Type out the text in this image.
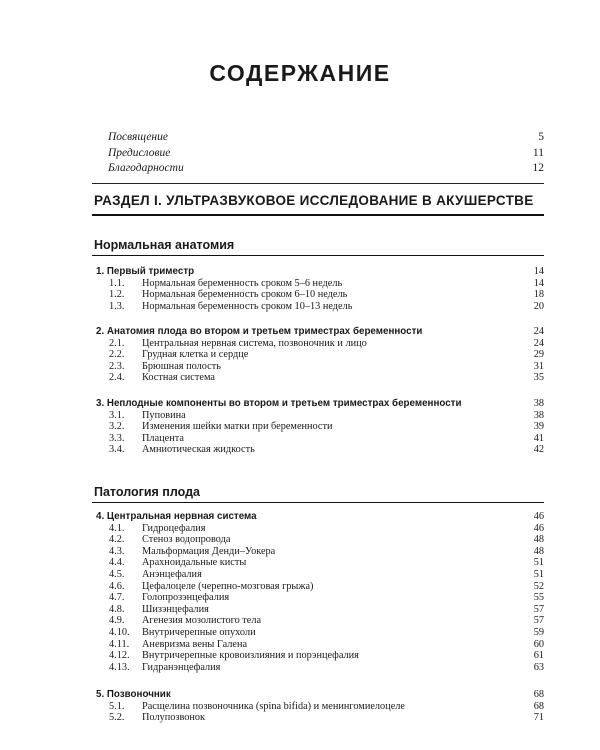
СОДЕРЖАНИЕ
Посвящение	5
Предисловие	11
Благодарности	12
РАЗДЕЛ I. УЛЬТРАЗВУКОВОЕ ИССЛЕДОВАНИЕ В АКУШЕРСТВЕ
Нормальная анатомия
1. Первый триместр	14
1.1. Нормальная беременность сроком 5–6 недель	14
1.2. Нормальная беременность сроком 6–10 недель	18
1.3. Нормальная беременность сроком 10–13 недель	20
2. Анатомия плода во втором и третьем триместрах беременности	24
2.1. Центральная нервная система, позвоночник и лицо	24
2.2. Грудная клетка и сердце	29
2.3. Брюшная полость	31
2.4. Костная система	35
3. Неплодные компоненты во втором и третьем триместрах беременности	38
3.1. Пуповина	38
3.2. Изменения шейки матки при беременности	39
3.3. Плацента	41
3.4. Амниотическая жидкость	42
Патология плода
4. Центральная нервная система	46
4.1. Гидроцефалия	46
4.2. Стеноз водопровода	48
4.3. Мальформация Денди–Уокера	48
4.4. Арахноидальные кисты	51
4.5. Анэнцефалия	51
4.6. Цефалоцеле (черепно-мозговая грыжа)	52
4.7. Голопрозэнцефалия	55
4.8. Шизэнцефалия	57
4.9. Агенезия мозолистого тела	57
4.10. Внутричерепные опухоли	59
4.11. Аневризма вены Галена	60
4.12. Внутричерепные кровоизлияния и порэнцефалия	61
4.13. Гидранэнцефалия	63
5. Позвоночник	68
5.1. Расщелина позвоночника (spina bifida) и менингомиелоцеле	68
5.2. Полупозвонок	71
